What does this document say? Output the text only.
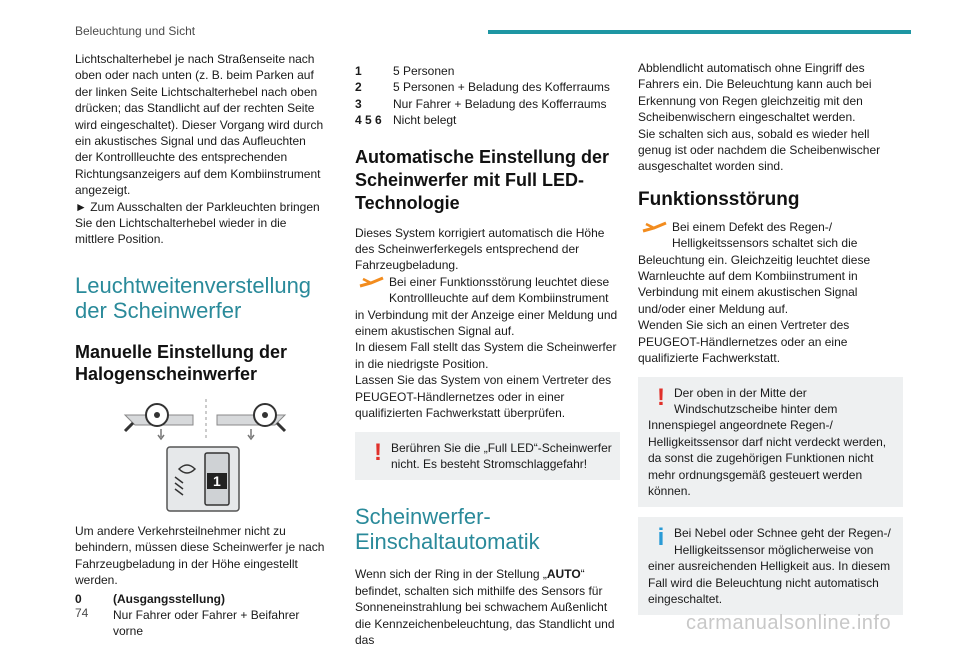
Beleuchtung und Sicht

Lichtschalterhebel je nach Straßenseite nach oben oder nach unten (z. B. beim Parken auf der linken Seite Lichtschalterhebel nach oben drücken; das Standlicht auf der rechten Seite wird eingeschaltet). Dieser Vorgang wird durch ein akustisches Signal und das Aufleuchten der Kontrollleuchte des entsprechenden Richtungsanzeigers auf dem Kombiinstrument angezeigt.

► Zum Ausschalten der Parkleuchten bringen Sie den Lichtschalterhebel wieder in die mittlere Position.

Leuchtweitenverstellung der Scheinwerfer
Manuelle Einstellung der Halogenscheinwerfer
1

Um andere Verkehrsteilnehmer nicht zu behindern, müssen diese Scheinwerfer je nach Fahrzeugbeladung in der Höhe eingestellt werden.

0	(Ausgangsstellung)
Nur Fahrer oder Fahrer + Beifahrer vorne
1	5 Personen
2	5 Personen + Beladung des Kofferraums
3	Nur Fahrer + Beladung des Kofferraums
4 5 6 Nicht belegt
Automatische Einstellung der Scheinwerfer mit Full LED-Technologie

Dieses System korrigiert automatisch die Höhe des Scheinwerferkegels entsprechend der Fahrzeugbeladung.

Bei einer Funktionsstörung leuchtet diese Kontrollleuchte auf dem Kombiinstrument in Verbindung mit der Anzeige einer Meldung und einem akustischen Signal auf.

In diesem Fall stellt das System die Scheinwerfer in die niedrigste Position.

Lassen Sie das System von einem Vertreter des PEUGEOT-Händlernetzes oder in einer qualifizierten Fachwerkstatt überprüfen.

! Berühren Sie die „Full LED“-Scheinwerfer nicht. Es besteht Stromschlaggefahr!

Scheinwerfer-Einschaltautomatik

Wenn sich der Ring in der Stellung „AUTO“ befindet, schalten sich mithilfe des Sensors für Sonneneinstrahlung bei schwachem Außenlicht die Kennzeichenbeleuchtung, das Standlicht und das

Abblendlicht automatisch ohne Eingriff des Fahrers ein. Die Beleuchtung kann auch bei Erkennung von Regen gleichzeitig mit den Scheibenwischern eingeschaltet werden.

Sie schalten sich aus, sobald es wieder hell genug ist oder nachdem die Scheibenwischer ausgeschaltet worden sind.

Funktionsstörung

Bei einem Defekt des Regen-/ Helligkeitssensors schaltet sich die Beleuchtung ein. Gleichzeitig leuchtet diese Warnleuchte auf dem Kombiinstrument in Verbindung mit einem akustischen Signal und/oder einer Meldung auf.

Wenden Sie sich an einen Vertreter des PEUGEOT-Händlernetzes oder an eine qualifizierte Fachwerkstatt.

! Der oben in der Mitte der Windschutzscheibe hinter dem Innenspiegel angeordnete Regen-/ Helligkeitssensor darf nicht verdeckt werden, da sonst die zugehörigen Funktionen nicht mehr ordnungsgemäß gesteuert werden können.

i Bei Nebel oder Schnee geht der Regen-/ Helligkeitssensor möglicherweise von einer ausreichenden Helligkeit aus. In diesem Fall wird die Beleuchtung nicht automatisch eingeschaltet.

74	carmanualsonline.info
